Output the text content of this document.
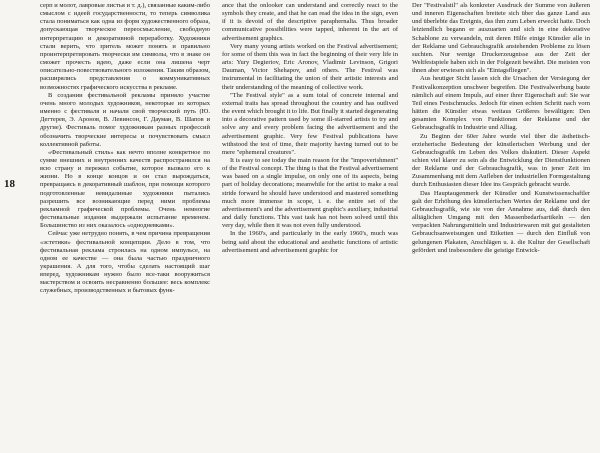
18

серп и молот, лавровые листья и т. д.), связанные каким-либо смыслом с идеей государственности, то теперь символика стала пониматься как одна из форм художественного образа, допускающая творческое переосмысление, свободную интерпретацию и декоративной переработку. Художники стали верить, что зритель может понять и правильно проинтерпретировать творчески им символы, что в знаке он сможет прочесть идею, даже если она лишена черт описательно-повествовательного изложения. Таким образом, расширялись представления о коммуникативных возможностях графического искусства в рекламе.

В создании фестивальной рекламы приняло участие очень много молодых художников, некоторые из которых именно с фестиваля и начали свой творческий путь (Ю. Дегтерев, Э. Аронов, В. Левинсон, Г. Дауман, В. Шапов и другие). Фестиваль помог художникам разных профессий обозначить творческие интересы и почувствовать смысл коллективной работы.

«Фестивальный стиль» как нечто вполне конкретное по сумме внешних и внутренних качеств распространился на всю страну и пережил событие, которое вызвало его к жизни. Но в конце концов и он стал вырождаться, превращаясь в декоративный шаблон, при помощи которого подготовленные невидалиные художники пытались разрешить все возникающие перед ними проблемы рекламной графической проблемы. Очень немногие фестивальные издания выдержали испытание временем. Большинство из них оказалось «однодневками».

Сейчас уже нетрудно понять, в чем причина превращения «эстетики» фестивальной концепции. Дело в том, что фестивальная реклама строилась на одном импульсе, на одном ее качестве — она была частью праздничного украшения. А для того, чтобы сделать настоящий шаг вперед, художникам нужно было все-таки вооружиться мастерством и освоить несравненно большее: весь комплекс служебных, производственных и бытовых функ-

ance that the onlooker can understand and correctly react to the symbols they create, and that he can read the idea in the sign, even if it is devoid of the descriptive paraphernalia. Thus broader communicative possibilities were tapped, inherent in the art of advertisement graphics.

Very many young artists worked on the Festival advertisement; for some of them this was in fact the beginning of their very life in arts: Yury Degteriov, Eric Aronov, Vladimir Levinson, Grigori Dauman, Victor Shehapov, and others. The Festival was instrumental in facilitating the union of their artistic interests and their understanding of the meaning of collective work.

"The Festival style" as a sum total of concrete internal and external traits has spread throughout the country and has outlived the event which brought it to life. But finally it started degenerating into a decorative pattern used by some ill-starred artists to try and solve any and every problem facing the advertisement and the advertisement graphic. Very few Festival publications have withstood the test of time, their majority having turned out to be mere "ephemeral creatures".

It is easy to see today the main reason for the "impoverishment" of the Festival concept. The thing is that the Festival advertisement was based on a single impulse, on only one of its aspects, being part of holiday decorations; meanwhile for the artist to make a real stride forward he should have understood and mastered something much more immense in scope, i. e. the entire set of the advertisement's and the advertisement graphic's auxiliary, industrial and daily functions. This vast task has not been solved until this very day, while then it was not even fully understood.

In the 1960's, and particularly in the early 1960's, much was being said about the educational and aesthetic functions of artistic advertisement and advertisement graphic for

Der "Festivalstil" als konkreter Ausdruck der Summe von äußeren und inneren Eigenschaften breitete sich über das ganze Land aus und überlebte das Ereignis, das ihm zum Leben erweckt hatte. Doch letztendlich begann er auszuarten und sich in eine dekorative Schablone zu verwandeln, mit deren Hilfe einige Künstler alle in der Reklame und Gebrauchsgrafik anstehenden Probleme zu lösen suchten. Nur wenige Druckerzeugnisse aus der Zeit der Weltfestspiele haben sich in der Folgezeit bewährt. Die meisten von ihnen aber erwiesen sich als "Eintagsfliegen".

Aus heutiger Sicht lassen sich die Ursachen der Versiegung der Festivalkonzeption unschwer begreifen. Die Festivalwerbung baute nämlich auf einem Impuls, auf einer ihrer Eigenschaft auf: Sie war Teil eines Festschmucks. Jedoch für einen echten Schritt nach vorn hätten die Künstler etwas weitaus Größeres bewältigen: Den gesamten Komplex von Funktionen der Reklame und der Gebrauchsgrafik in Industrie und Alltag.

Zu Beginn der 60er Jahre wurde viel über die ästhetisch-erzieherische Bedeutung der künstlerischen Werbung und der Gebrauchsgrafik im Leben des Volkes diskutiert. Dieser Aspekt schien viel klarer zu sein als die Entwicklung der Dienstfunktionen der Reklame und der Gebrauchsgrafik, was in jener Zeit im Zusammenhang mit dem Aufleben der industriellen Formgestaltung durch Enthusiasten dieser Idee ins Gespräch gebracht wurde.

Das Hauptaugenmerk der Künstler und Kunstwissenschaftler galt der Erhöhung des künstlerischen Wertes der Reklame und der Gebrauchsgrafik, wie sie von der Annahme aus, daß durch den alltäglichen Umgang mit den Massenbedarfsartikeln — den verpackten Nahrungsmitteln und Industriewaren mit gut gestalteten Gebrauchsanweisungen und Etiketten — durch den Einfluß von gelungenen Plakaten, Anschlägen u. ä. die Kultur der Gesellschaft gefördert und insbesondere die geistige Entwick-
